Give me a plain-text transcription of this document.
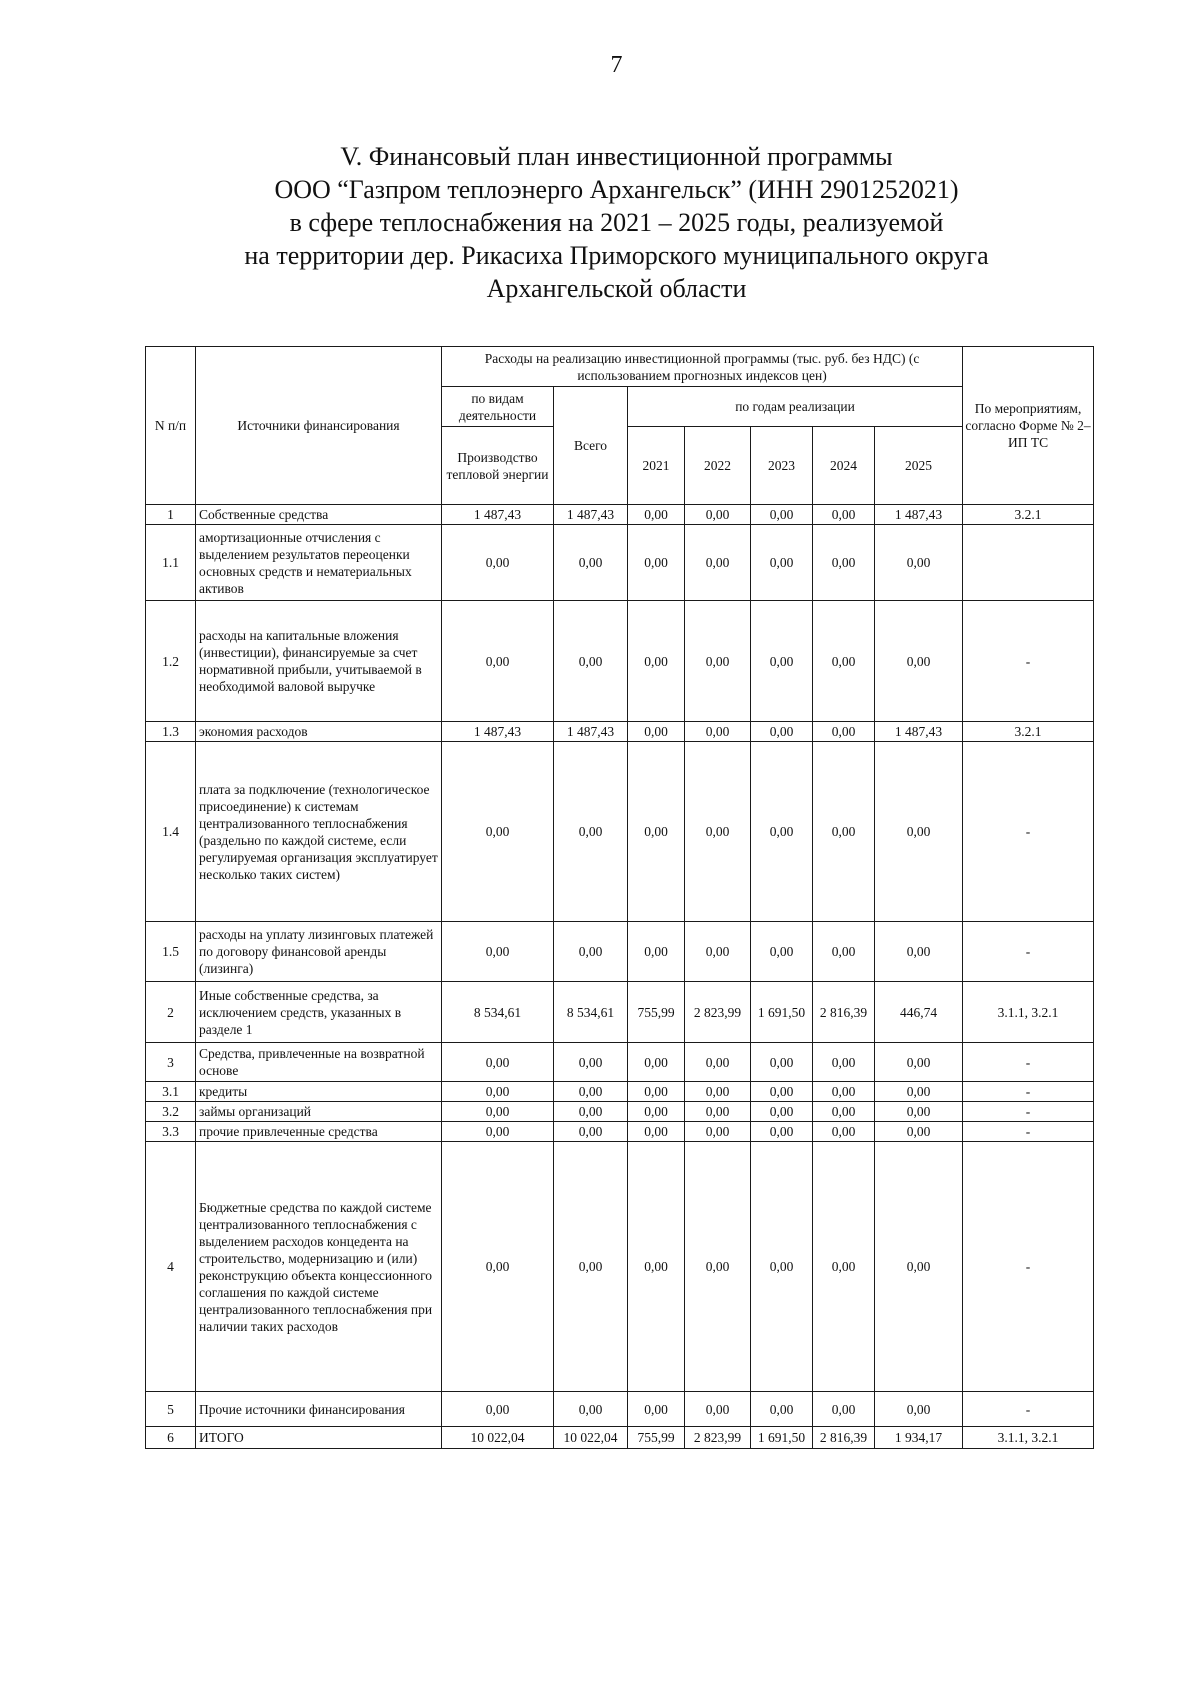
7
V. Финансовый план инвестиционной программы
ООО “Газпром теплоэнерго Архангельск” (ИНН 2901252021)
в сфере теплоснабжения на 2021 – 2025 годы, реализуемой
на территории дер. Рикасиха Приморского муниципального округа
Архангельской области
N п/п	Источники финансирования	Расходы на реализацию инвестиционной программы (тыс. руб. без НДС) (с использованием прогнозных индексов цен)							По мероприятиям, согласно Форме № 2–ИП ТС
		по видам деятельности	Всего	по годам реализации					
		Производство тепловой энергии		2021	2022	2023	2024	2025	
1	Собственные средства	1 487,43	1 487,43	0,00	0,00	0,00	0,00	1 487,43	3.2.1
1.1	амортизационные отчисления с выделением результатов переоценки основных средств и нематериальных активов	0,00	0,00	0,00	0,00	0,00	0,00	0,00	
1.2	расходы на капитальные вложения (инвестиции), финансируемые за счет нормативной прибыли, учитываемой в необходимой валовой выручке	0,00	0,00	0,00	0,00	0,00	0,00	0,00	-
1.3	экономия расходов	1 487,43	1 487,43	0,00	0,00	0,00	0,00	1 487,43	3.2.1
1.4	плата за подключение (технологическое присоединение) к системам централизованного теплоснабжения (раздельно по каждой системе, если регулируемая организация эксплуатирует несколько таких систем)	0,00	0,00	0,00	0,00	0,00	0,00	0,00	-
1.5	расходы на уплату лизинговых платежей по договору финансовой аренды (лизинга)	0,00	0,00	0,00	0,00	0,00	0,00	0,00	-
2	Иные собственные средства, за исключением средств, указанных в разделе 1	8 534,61	8 534,61	755,99	2 823,99	1 691,50	2 816,39	446,74	3.1.1, 3.2.1
3	Средства, привлеченные на возвратной основе	0,00	0,00	0,00	0,00	0,00	0,00	0,00	-
3.1	кредиты	0,00	0,00	0,00	0,00	0,00	0,00	0,00	-
3.2	займы организаций	0,00	0,00	0,00	0,00	0,00	0,00	0,00	-
3.3	прочие привлеченные средства	0,00	0,00	0,00	0,00	0,00	0,00	0,00	-
4	Бюджетные средства по каждой системе централизованного теплоснабжения с выделением расходов концедента на строительство, модернизацию и (или) реконструкцию объекта концессионного соглашения по каждой системе централизованного теплоснабжения при наличии таких расходов	0,00	0,00	0,00	0,00	0,00	0,00	0,00	-
5	Прочие источники финансирования	0,00	0,00	0,00	0,00	0,00	0,00	0,00	-
6	ИТОГО	10 022,04	10 022,04	755,99	2 823,99	1 691,50	2 816,39	1 934,17	3.1.1, 3.2.1
